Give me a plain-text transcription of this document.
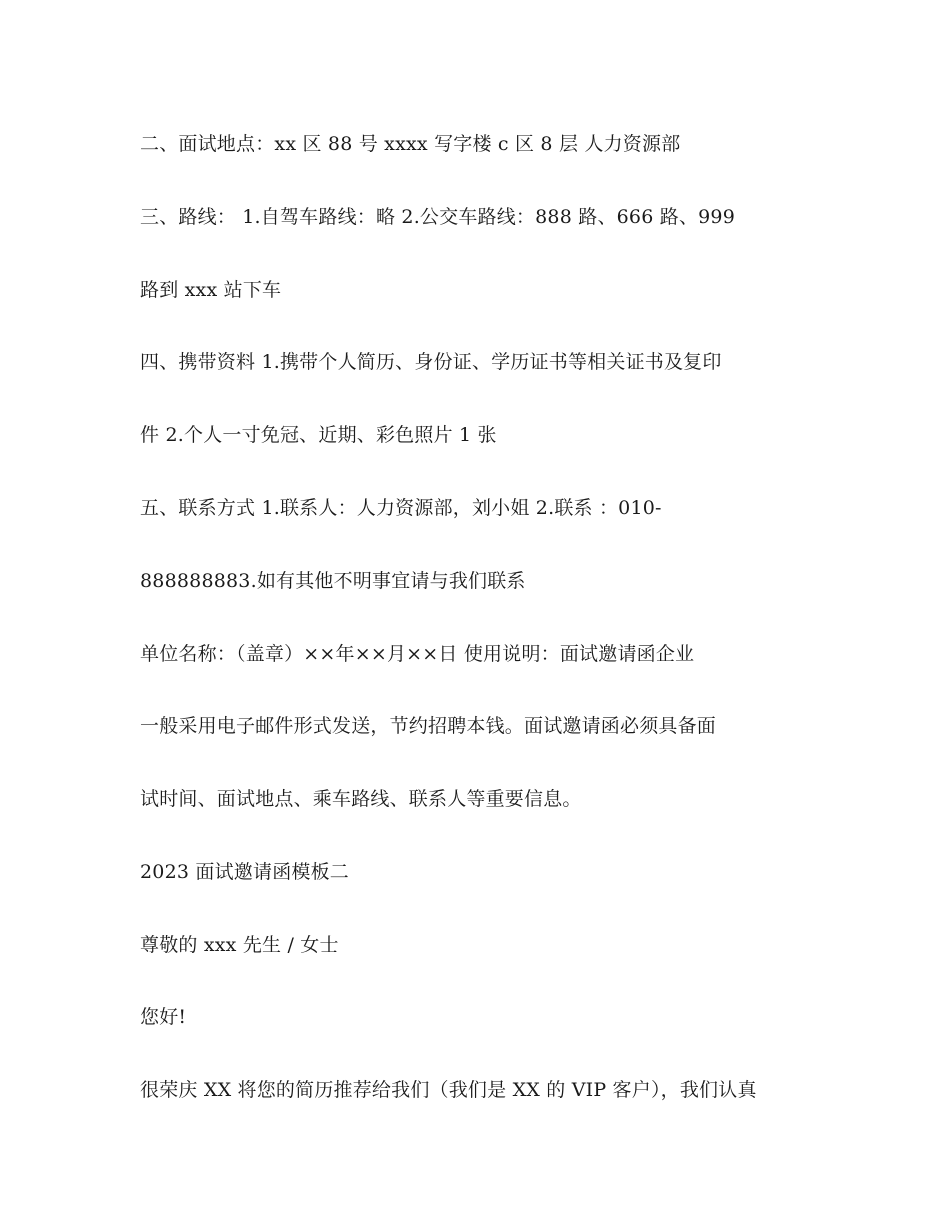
二、面试地点：xx 区 88 号 xxxx 写字楼 c 区 8 层 人力资源部
三、路线： 1.自驾车路线：略 2.公交车路线：888 路、666 路、999
路到 xxx 站下车
四、携带资料 1.携带个人简历、身份证、学历证书等相关证书及复印
件 2.个人一寸免冠、近期、彩色照片 1 张
五、联系方式 1.联系人：人力资源部，刘小姐 2.联系 ：010-
888888883.如有其他不明事宜请与我们联系
单位名称：（盖章）××年××月××日 使用说明：面试邀请函企业
一般采用电子邮件形式发送，节约招聘本钱。面试邀请函必须具备面
试时间、面试地点、乘车路线、联系人等重要信息。
2023 面试邀请函模板二
尊敬的 xxx 先生 / 女士
您好!
很荣庆 XX 将您的简历推荐给我们（我们是 XX 的 VIP 客户），我们认真
